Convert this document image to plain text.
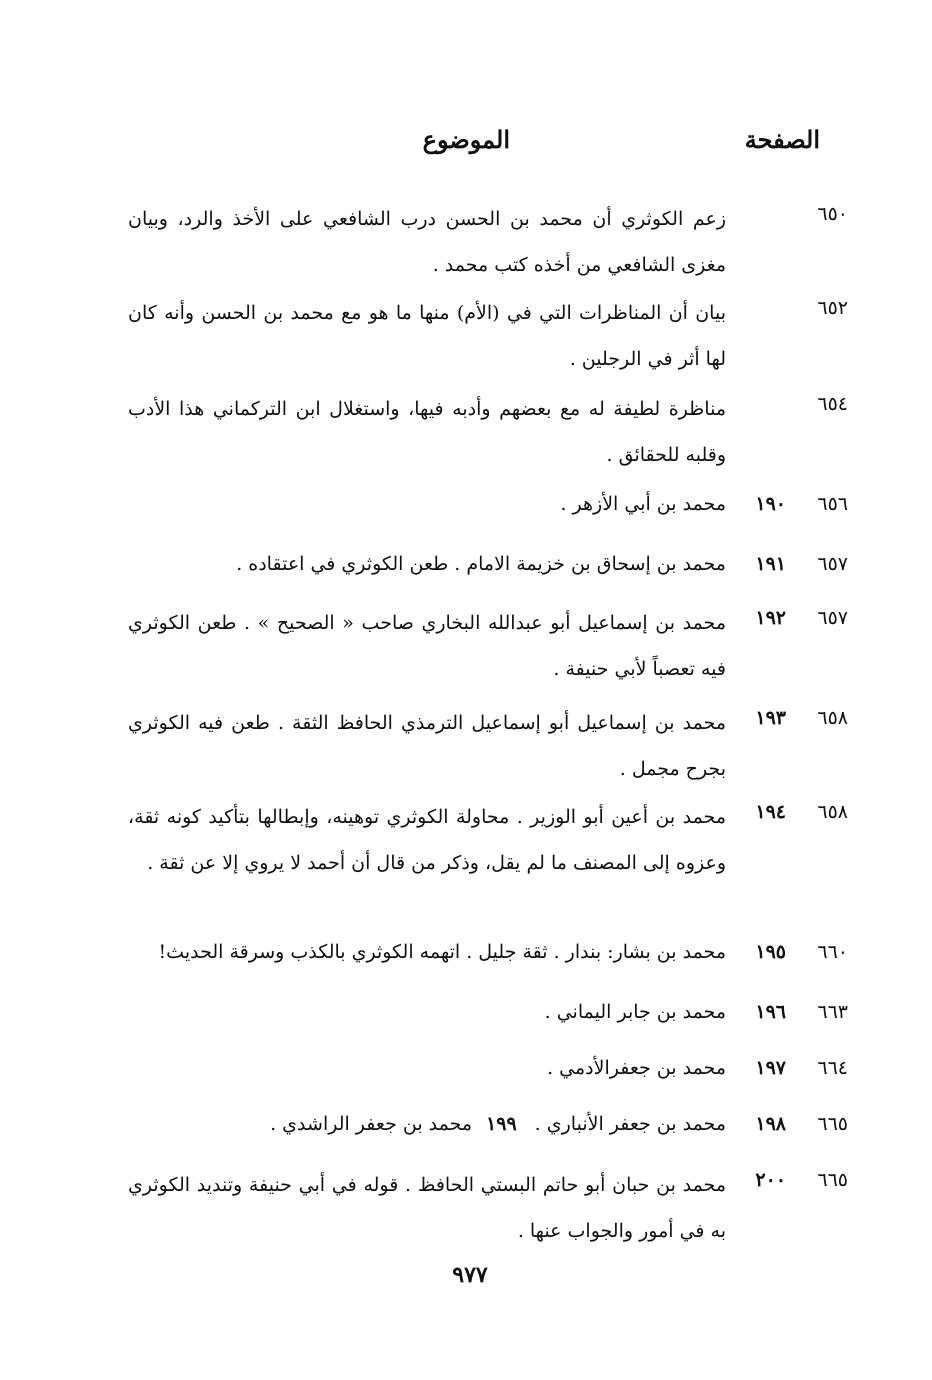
الصفحة
الموضوع
٦٥٠
زعم الكوثري أن محمد بن الحسن درب الشافعي على الأخذ والرد، وبيان مغزى الشافعي من أخذه كتب محمد .
٦٥٢
بيان أن المناظرات التي في (الأم) منها ما هو مع محمد بن الحسن وأنه كان لها أثر في الرجلين .
٦٥٤
مناظرة لطيفة له مع بعضهم وأدبه فيها، واستغلال ابن التركماني هذا الأدب وقلبه للحقائق .
٦٥٦
١٩٠
محمد بن أبي الأزهر .
٦٥٧
١٩١
محمد بن إسحاق بن خزيمة الامام . طعن الكوثري في اعتقاده .
٦٥٧
١٩٢
محمد بن إسماعيل أبو عبدالله البخاري صاحب « الصحيح » . طعن الكوثري فيه تعصباً لأبي حنيفة .
٦٥٨
١٩٣
محمد بن إسماعيل أبو إسماعيل الترمذي الحافظ الثقة . طعن فيه الكوثري بجرح مجمل .
٦٥٨
١٩٤
محمد بن أعين أبو الوزير . محاولة الكوثري توهينه، وإبطالها بتأكيد كونه ثقة، وعزوه إلى المصنف ما لم يقل، وذكر من قال أن أحمد لا يروي إلا عن ثقة .
٦٦٠
١٩٥
محمد بن بشار: بندار . ثقة جليل . اتهمه الكوثري بالكذب وسرقة الحديث!
٦٦٣
١٩٦
محمد بن جابر اليماني .
٦٦٤
١٩٧
محمد بن جعفرالأدمي .
٦٦٥
١٩٨
محمد بن جعفر الأنباري .١٩٩محمد بن جعفر الراشدي .
٦٦٥
٢٠٠
محمد بن حبان أبو حاتم البستي الحافظ . قوله في أبي حنيفة وتنديد الكوثري به في أمور والجواب عنها .
٩٧٧
